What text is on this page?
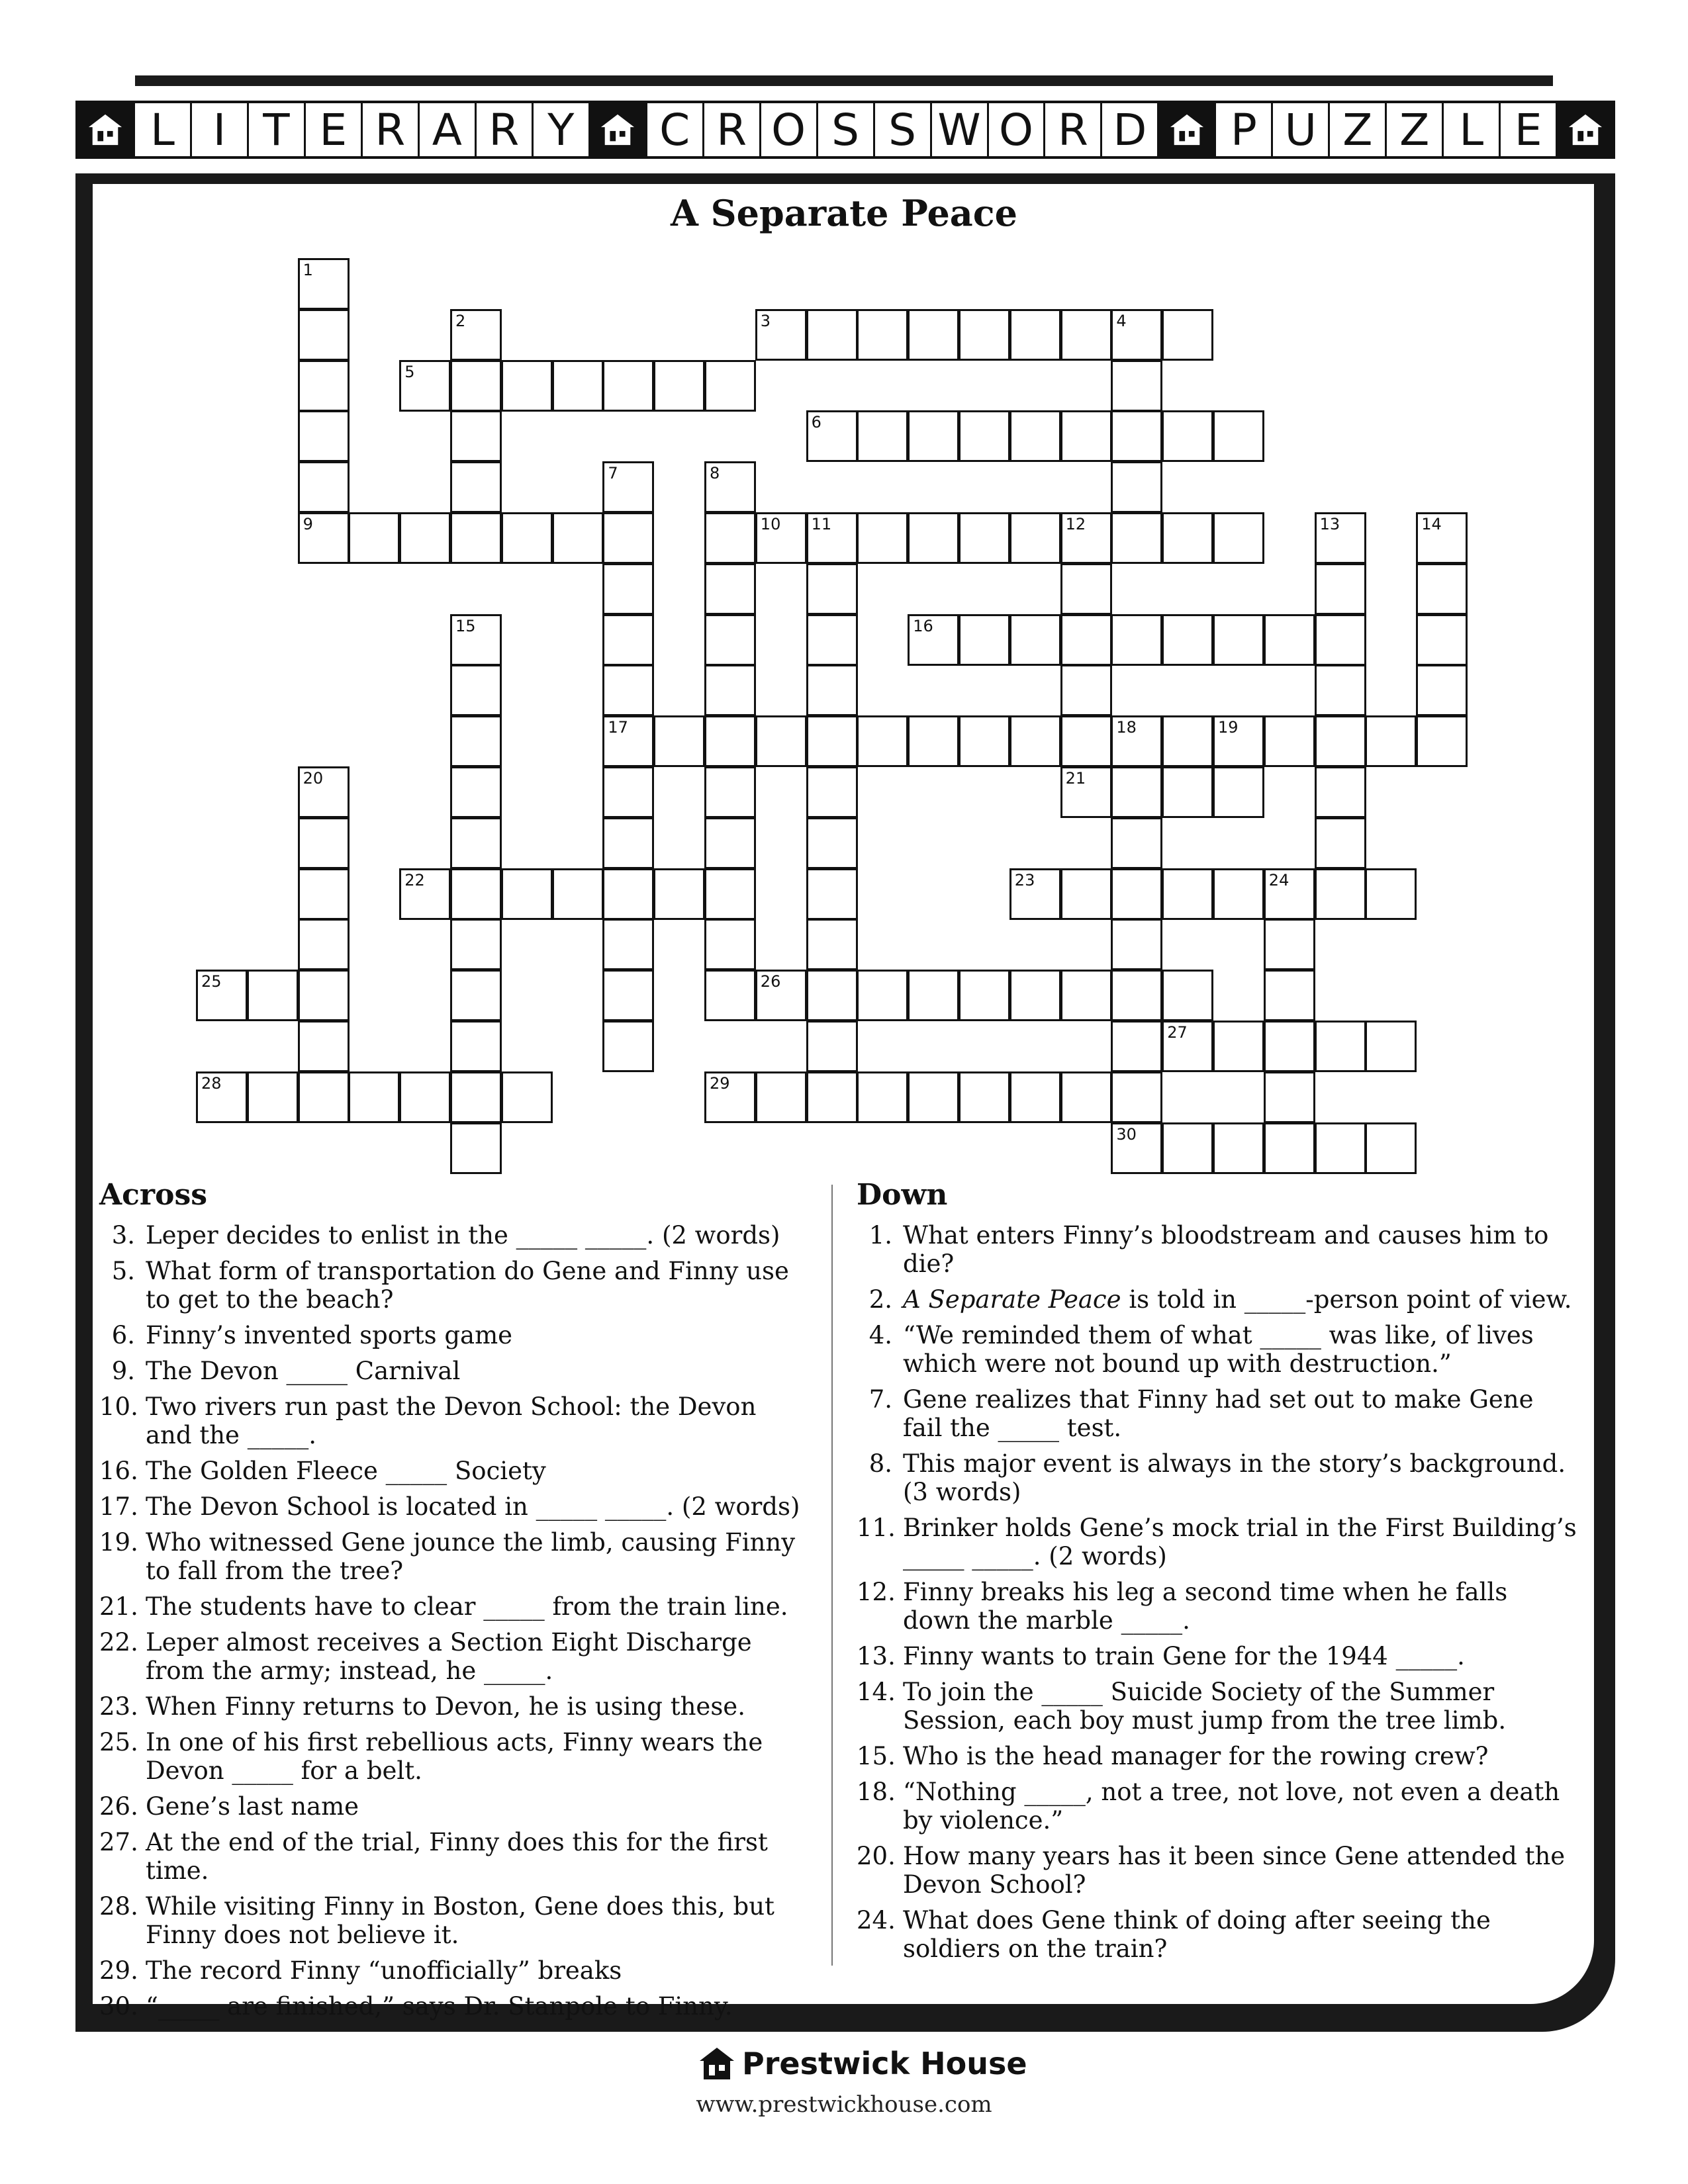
L I T E R A R Y	C R O S S W O R D	P U Z Z L E
A Separate Peace
1
9
2	3	4
5
6
7
17
8
10 11	12
21
13	14
15	16
18	19
20
22	23	24
25	26
27
28	29
30
Across
3. Leper decides to enlist in the _____ _____. (2 words)
5. What form of transportation do Gene and Finny use to get to the beach?
6. Finny’s invented sports game
9. The Devon _____ Carnival
10. Two rivers run past the Devon School: the Devon and the _____.
16. The Golden Fleece _____ Society
17. The Devon School is located in _____ _____. (2 words)
19. Who witnessed Gene jounce the limb, causing Finny to fall from the tree?
21. The students have to clear _____ from the train line.
22. Leper almost receives a Section Eight Discharge from the army; instead, he _____.
23. When Finny returns to Devon, he is using these.
25. In one of his first rebellious acts, Finny wears the Devon _____ for a belt.
26. Gene’s last name
27. At the end of the trial, Finny does this for the first time.
28. While visiting Finny in Boston, Gene does this, but Finny does not believe it.
29. The record Finny “unofficially” breaks
30. “_____ are finished,” says Dr. Stanpole to Finny.
Down
1. What enters Finny’s bloodstream and causes him to die?
2. A Separate Peace is told in _____-person point of view.
4. “We reminded them of what _____ was like, of lives which were not bound up with destruction.”
7. Gene realizes that Finny had set out to make Gene fail the _____ test.
8. This major event is always in the story’s background. (3 words)
11. Brinker holds Gene’s mock trial in the First Building’s _____ _____. (2 words)
12. Finny breaks his leg a second time when he falls down the marble _____.
13. Finny wants to train Gene for the 1944 _____.
14. To join the _____ Suicide Society of the Summer Session, each boy must jump from the tree limb.
15. Who is the head manager for the rowing crew?
18. “Nothing _____, not a tree, not love, not even a death by violence.”
20. How many years has it been since Gene attended the Devon School?
24. What does Gene think of doing after seeing the soldiers on the train?
Prestwick House
www.prestwickhouse.com
